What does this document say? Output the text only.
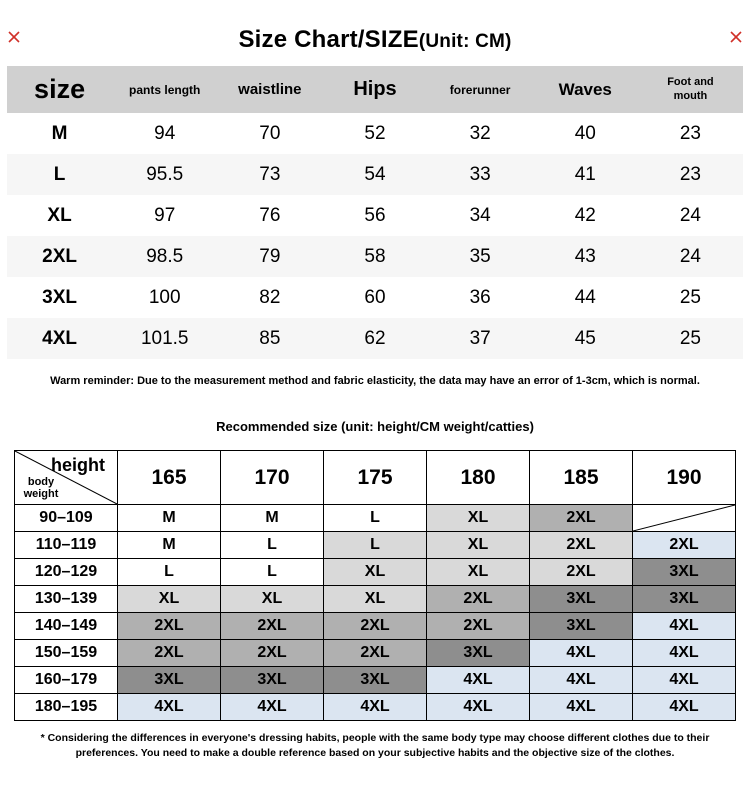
Size Chart/SIZE(Unit: CM)
size	pants length	waistline	Hips	forerunner	Waves	Foot and mouth
M	94	70	52	32	40	23
L	95.5	73	54	33	41	23
XL	97	76	56	34	42	24
2XL	98.5	79	58	35	43	24
3XL	100	82	60	36	44	25
4XL	101.5	85	62	37	45	25
Warm reminder: Due to the measurement method and fabric elasticity, the data may have an error of 1-3cm, which is normal.
Recommended size (unit: height/CM weight/catties)
height
body weight	165	170	175	180	185	190
90–109	M	M	L	XL	2XL	

110–119	M	L	L	XL	2XL	2XL
120–129	L	L	XL	XL	2XL	3XL
130–139	XL	XL	XL	2XL	3XL	3XL
140–149	2XL	2XL	2XL	2XL	3XL	4XL
150–159	2XL	2XL	2XL	3XL	4XL	4XL
160–179	3XL	3XL	3XL	4XL	4XL	4XL
180–195	4XL	4XL	4XL	4XL	4XL	4XL
* Considering the differences in everyone's dressing habits, people with the same body type may choose different clothes due to their preferences. You need to make a double reference based on your subjective habits and the objective size of the clothes.
